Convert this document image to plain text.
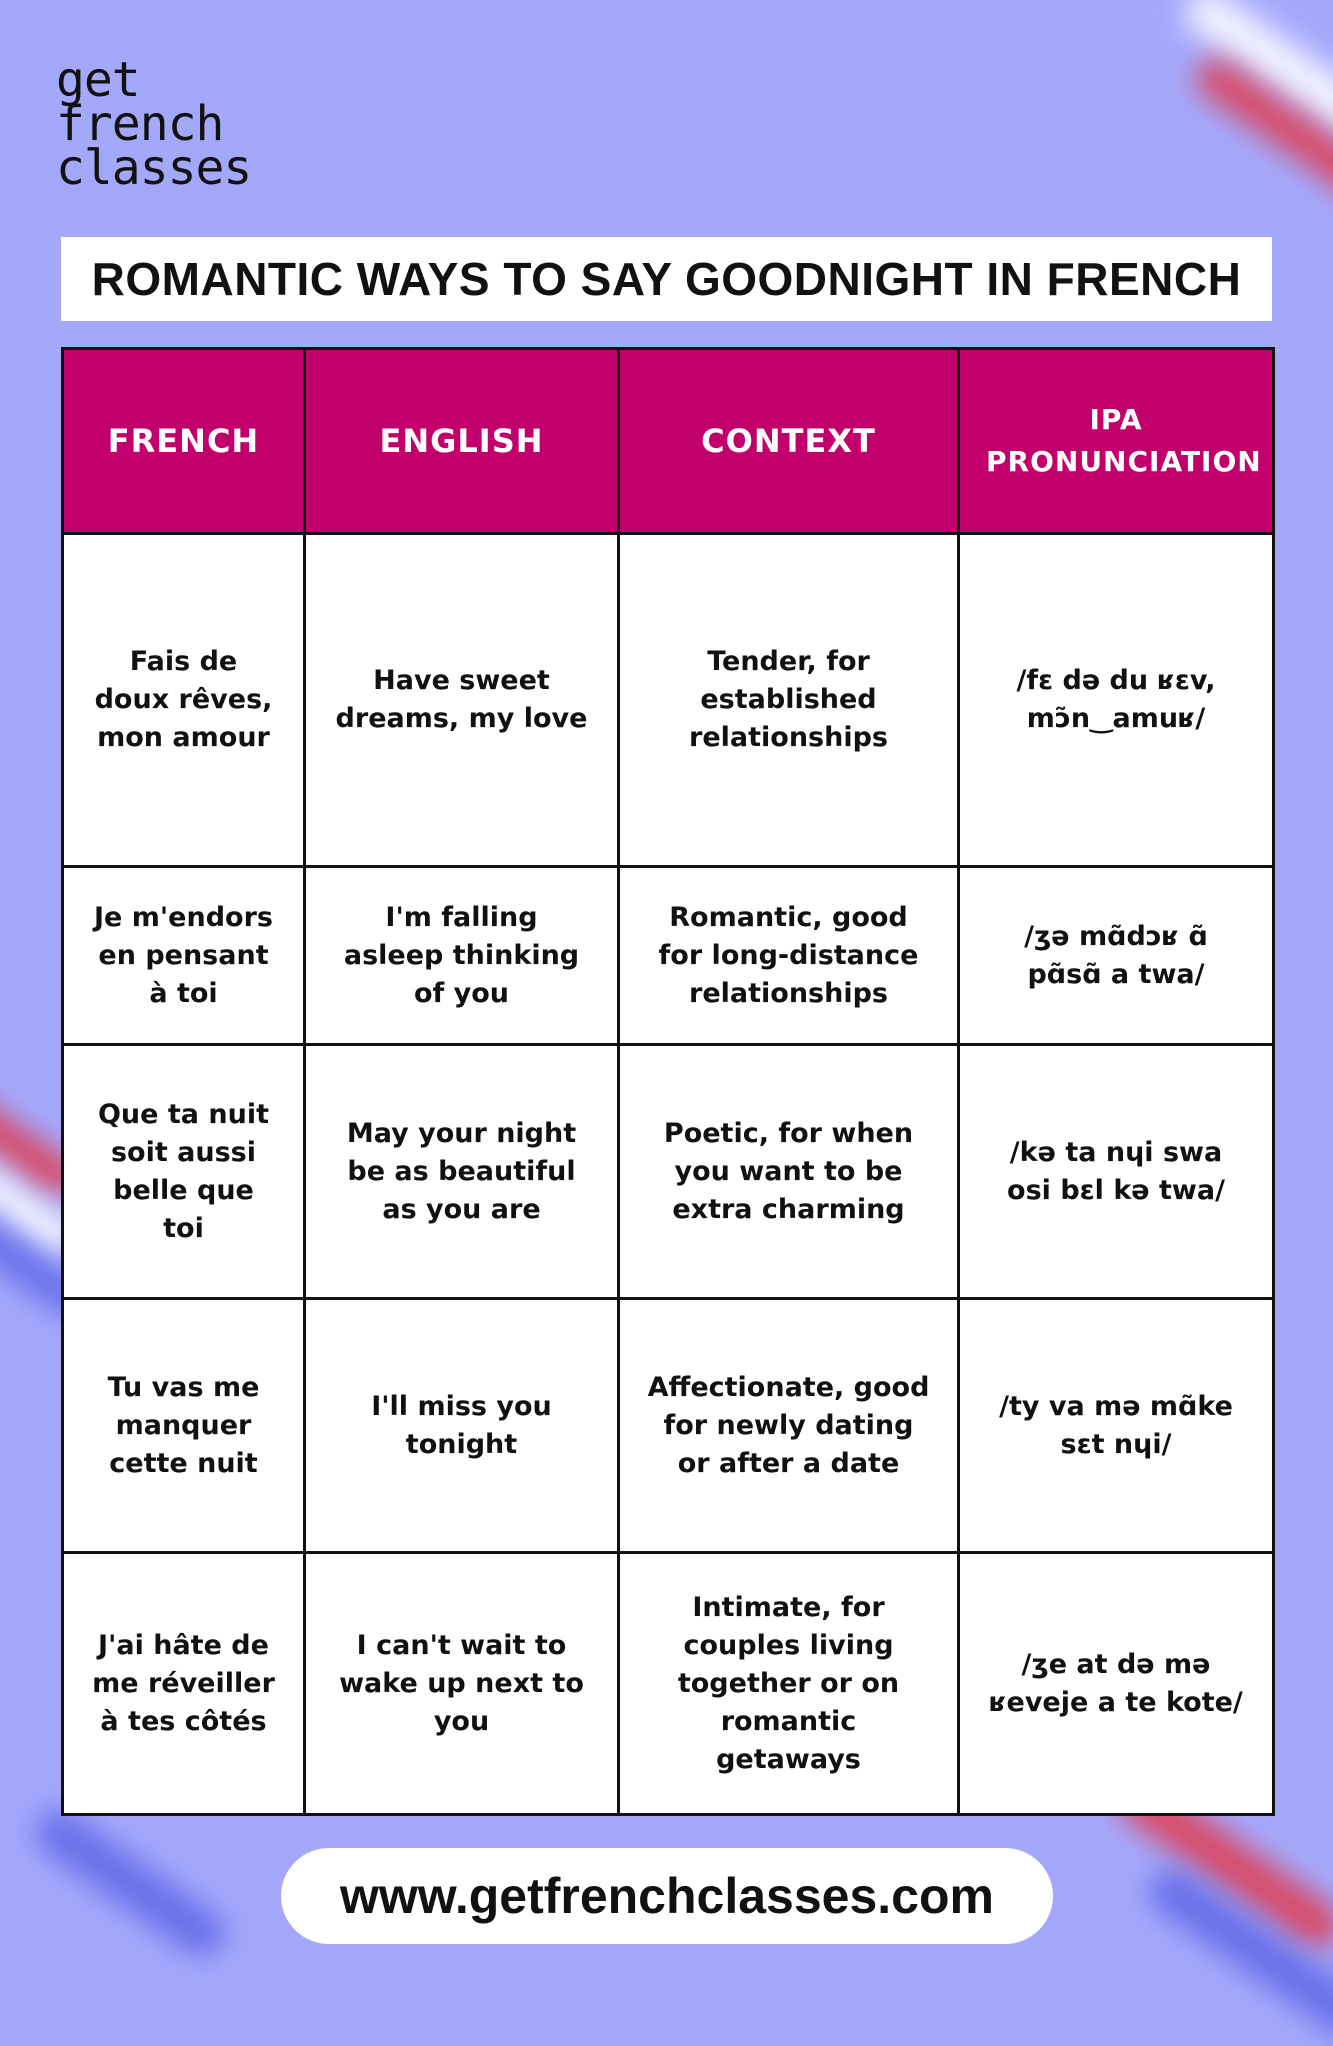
get
french
classes
ROMANTIC WAYS TO SAY GOODNIGHT IN FRENCH
FRENCH	ENGLISH	CONTEXT	IPA PRONUNCIATION
Fais de doux rêves, mon amour	Have sweet dreams, my love	Tender, for established relationships	/fɛ də du ʁɛv, mɔ̃n‿amuʁ/
Je m'endors en pensant à toi	I'm falling asleep thinking of you	Romantic, good for long-distance relationships	/ʒə mɑ̃dɔʁ ɑ̃ pɑ̃sɑ̃ a twa/
Que ta nuit soit aussi belle que toi	May your night be as beautiful as you are	Poetic, for when you want to be extra charming	/kə ta nɥi swa osi bɛl kə twa/
Tu vas me manquer cette nuit	I'll miss you tonight	Affectionate, good for newly dating or after a date	/ty va mə mɑ̃ke sɛt nɥi/
J'ai hâte de me réveiller à tes côtés	I can't wait to wake up next to you	Intimate, for couples living together or on romantic getaways	/ʒe at də mə ʁeveje a te kote/
www.getfrenchclasses.com
